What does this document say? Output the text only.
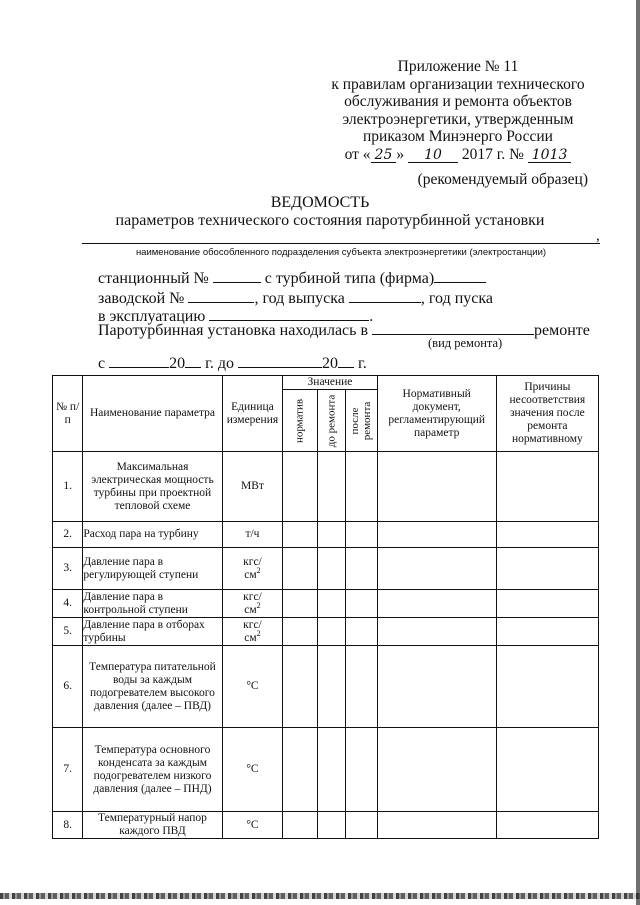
Приложение № 11
к правилам организации технического
обслуживания и ремонта объектов
электроэнергетики, утвержденным
приказом Минэнерго России
от « 25 » 10 2017 г. № 1013
(рекомендуемый образец)
ВЕДОМОСТЬ
параметров технического состояния паротурбинной установки
,
наименование обособленного подразделения субъекта электроэнергетики (электростанции)
станционный №	с турбиной типа (фирма)
заводской №	, год выпуска	, год пуска
в эксплуатацию	.
Паротурбинная установка находилась в	ремонте
(вид ремонта)
с	20 г. до	20 г.
№ п/п	Наименование параметра	Единица измерения	Значение			Нормативный документ, регламентирующий параметр	Причины несоответствия значения после ремонта нормативному

			норматив	до ремонта	после ремонта		

1.	Максимальная электрическая мощность турбины при проектной тепловой схеме	МВт					
2.	Расход пара на турбину	т/ч					
3.	Давление пара в регулирующей ступени	кгс/
$см^2$					
4.	Давление пара в контрольной ступени	кгс/
$см^2$					
5.	Давление пара в отборах турбины	кгс/
$см^2$					
6.	Температура питательной воды за каждым подогревателем высокого давления (далее – ПВД)	°С					
7.	Температура основного конденсата за каждым подогревателем низкого давления (далее – ПНД)	°С					
8.	Температурный напор каждого ПВД	°С					
